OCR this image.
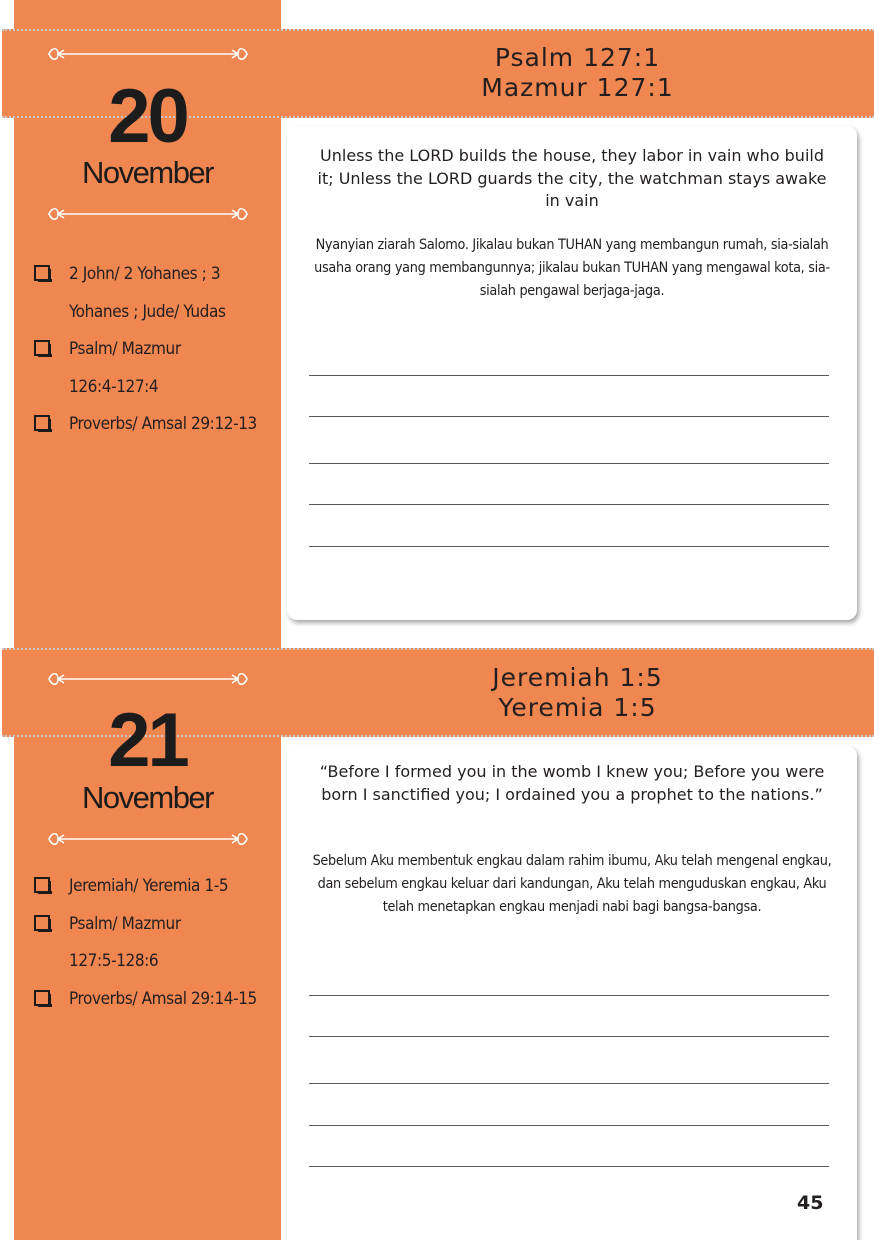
Psalm 127:1
Mazmur 127:1
Jeremiah 1:5
Yeremia 1:5
20
November
21
November
2 John/ 2 Yohanes ; 3
Yohanes ; Jude/ Yudas
Psalm/ Mazmur
126:4-127:4
Proverbs/ Amsal 29:12-13
Jeremiah/ Yeremia 1-5
Psalm/ Mazmur
127:5-128:6
Proverbs/ Amsal 29:14-15
Unless the LORD builds the house, they labor in vain who build it; Unless the LORD guards the city, the watchman stays awake in vain
Nyanyian ziarah Salomo. Jikalau bukan TUHAN yang membangun rumah, sia-sialah usaha orang yang membangunnya; jikalau bukan TUHAN yang mengawal kota, sia-sialah pengawal berjaga-jaga.
“Before I formed you in the womb I knew you; Before you were born I sanctified you; I ordained you a prophet to the nations.”
Sebelum Aku membentuk engkau dalam rahim ibumu, Aku telah mengenal engkau, dan sebelum engkau keluar dari kandungan, Aku telah menguduskan engkau, Aku telah menetapkan engkau menjadi nabi bagi bangsa-bangsa.
45
